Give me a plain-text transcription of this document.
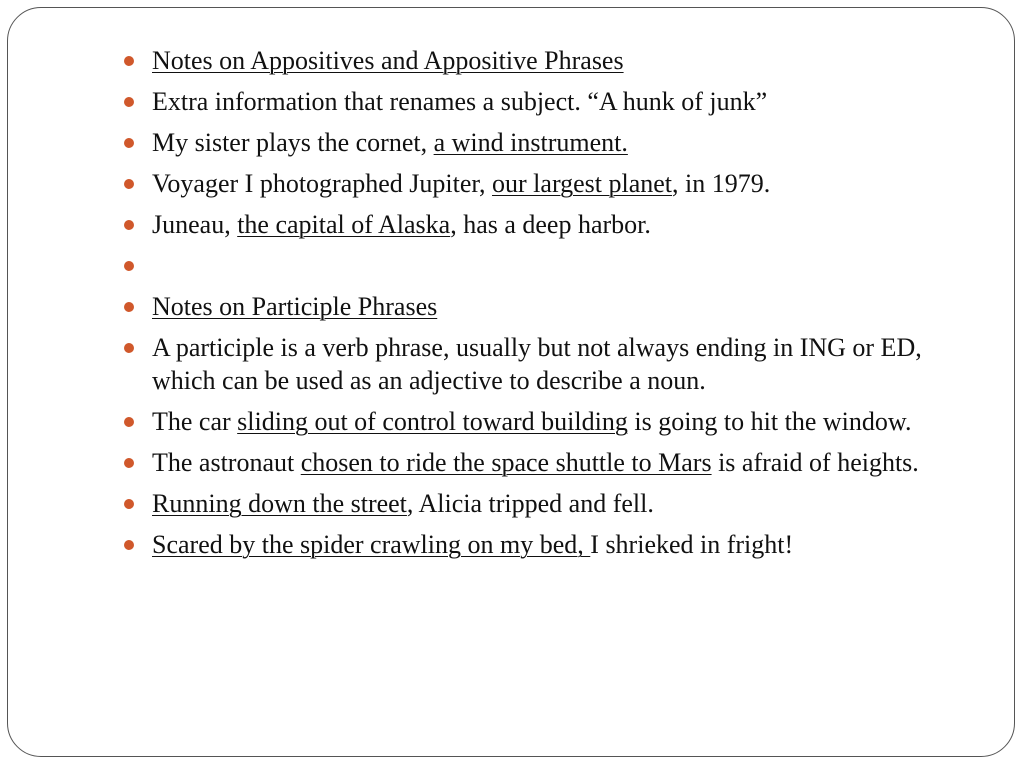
Notes on Appositives and Appositive Phrases
Extra information that renames a subject. “A hunk of junk”
My sister plays the cornet, a wind instrument.
Voyager I photographed Jupiter, our largest planet, in 1979.
Juneau, the capital of Alaska, has a deep harbor.
Notes on Participle Phrases
A participle is a verb phrase, usually but not always ending in ING or ED, which can be used as an adjective to describe a noun.
The car sliding out of control toward building is going to hit the window.
The astronaut chosen to ride the space shuttle to Mars is afraid of heights.
Running down the street, Alicia tripped and fell.
Scared by the spider crawling on my bed, I shrieked in fright!
